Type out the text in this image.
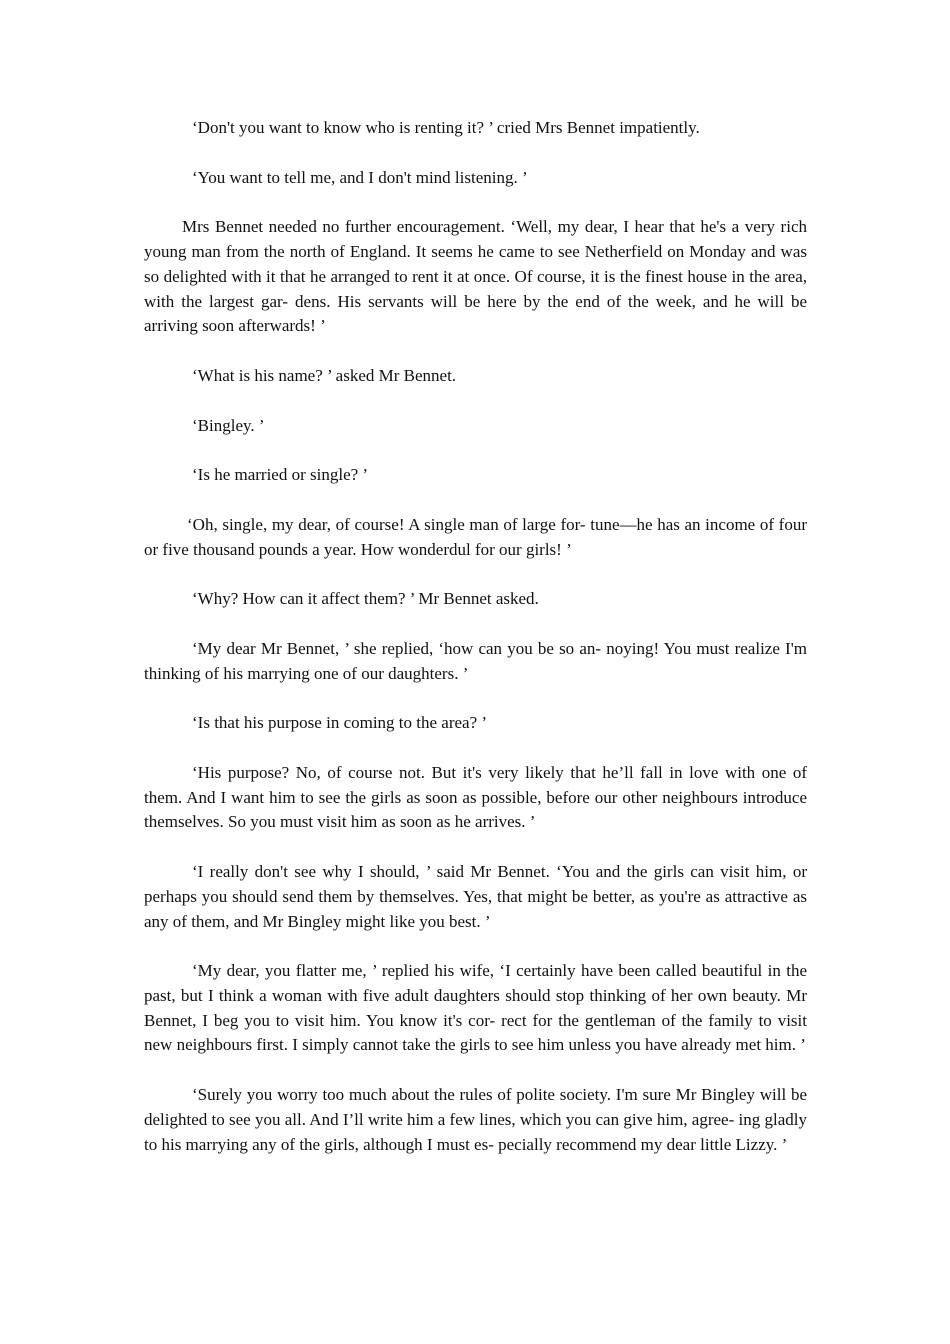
‘Don't you want to know who is renting it? ’ cried Mrs Bennet impatiently.

‘You want to tell me, and I don't mind listening. ’

Mrs Bennet needed no further encouragement. ‘Well, my dear, I hear that he's a very rich young man from the north of England. It seems he came to see Netherfield on Monday and was so delighted with it that he arranged to rent it at once. Of course, it is the finest house in the area, with the largest gar- dens. His servants will be here by the end of the week, and he will be arriving soon afterwards! ’

‘What is his name? ’ asked Mr Bennet.

‘Bingley. ’

‘Is he married or single? ’

‘Oh, single, my dear, of course! A single man of large for- tune—he has an income of four or five thousand pounds a year. How wonderdul for our girls! ’

‘Why? How can it affect them? ’ Mr Bennet asked.

‘My dear Mr Bennet, ’ she replied, ‘how can you be so an- noying! You must realize I'm thinking of his marrying one of our daughters. ’

‘Is that his purpose in coming to the area? ’

‘His purpose? No, of course not. But it's very likely that he’ll fall in love with one of them. And I want him to see the girls as soon as possible, before our other neighbours introduce themselves. So you must visit him as soon as he arrives. ’

‘I really don't see why I should, ’ said Mr Bennet. ‘You and the girls can visit him, or perhaps you should send them by themselves. Yes, that might be better, as you're as attractive as any of them, and Mr Bingley might like you best. ’

‘My dear, you flatter me, ’ replied his wife, ‘I certainly have been called beautiful in the past, but I think a woman with five adult daughters should stop thinking of her own beauty. Mr Bennet, I beg you to visit him. You know it's cor- rect for the gentleman of the family to visit new neighbours first. I simply cannot take the girls to see him unless you have already met him. ’

‘Surely you worry too much about the rules of polite society. I'm sure Mr Bingley will be delighted to see you all. And I’ll write him a few lines, which you can give him, agree- ing gladly to his marrying any of the girls, although I must es- pecially recommend my dear little Lizzy. ’
